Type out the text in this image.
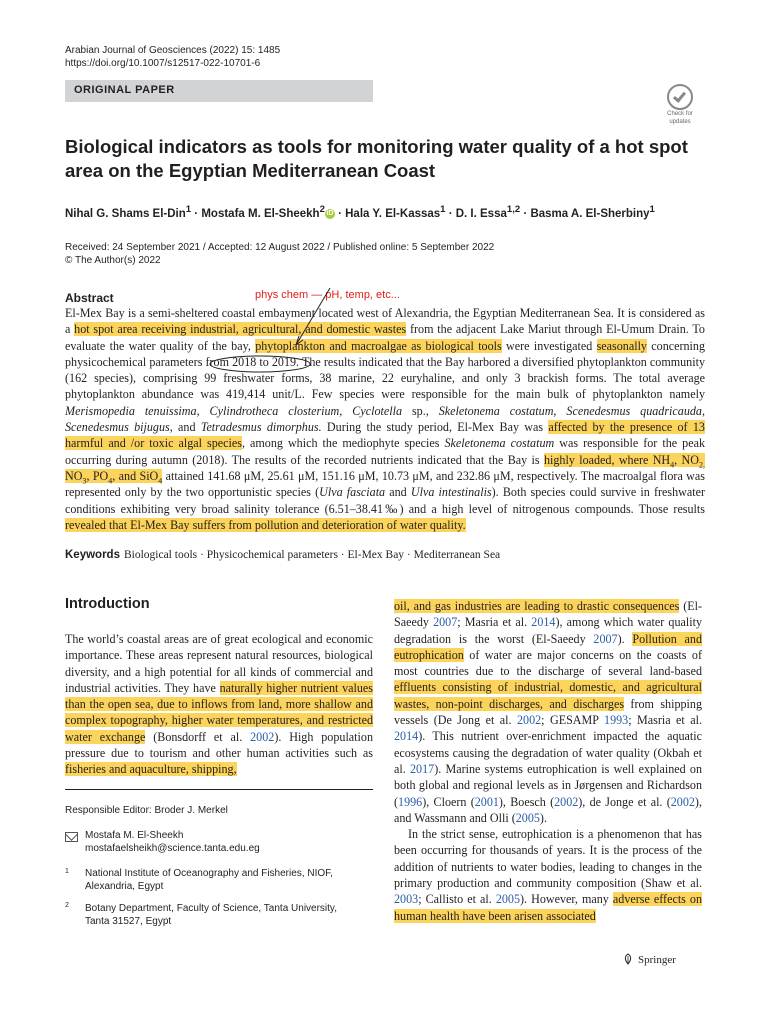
Arabian Journal of Geosciences (2022) 15: 1485
https://doi.org/10.1007/s12517-022-10701-6
ORIGINAL PAPER
Check for
updates
Biological indicators as tools for monitoring water quality of a hot spot area on the Egyptian Mediterranean Coast
Nihal G. Shams El-Din$^1$ · Mostafa M. El-Sheekh$^2$ iD · Hala Y. El-Kassas$^1$ · D. I. Essa$^{1,2}$ · Basma A. El-Sherbiny$^1$
Received: 24 September 2021 / Accepted: 12 August 2022 / Published online: 5 September 2022
© The Author(s) 2022
phys chem — pH, temp, etc...
Abstract
El-Mex Bay is a semi-sheltered coastal embayment located west of Alexandria, the Egyptian Mediterranean Sea. It is considered as a hot spot area receiving industrial, agricultural, and domestic wastes from the adjacent Lake Mariut through El-Umum Drain. To evaluate the water quality of the bay, phytoplankton and macroalgae as biological tools were investigated seasonally concerning physicochemical parameters from 2018 to 2019. The results indicated that the Bay harbored a diversified phytoplankton community (162 species), comprising 99 freshwater forms, 38 marine, 22 euryhaline, and only 3 brackish forms. The total average phytoplankton abundance was 419,414 unit/L. Few species were responsible for the main bulk of phytoplankton namely Merismopedia tenuissima, Cylindrotheca closterium, Cyclotella sp., Skeletonema costatum, Scenedesmus quadricauda, Scenedesmus bijugus, and Tetradesmus dimorphus. During the study period, El-Mex Bay was affected by the presence of 13 harmful and /or toxic algal species, among which the mediophyte species Skeletonema costatum was responsible for the peak occurring during autumn (2018). The results of the recorded nutrients indicated that the Bay is highly loaded, where $NH_4$, $NO_{2,}$ $NO_3$, $PO_4$, and SiO$_4$ attained 141.68 μM, 25.61 μM, 151.16 μM, 10.73 μM, and 232.86 μM, respectively. The macroalgal flora was represented only by the two opportunistic species (Ulva fasciata and Ulva intestinalis). Both species could survive in freshwater conditions exhibiting very broad salinity tolerance (6.51–38.41‰) and a high level of nitrogenous compounds. Those results revealed that El-Mex Bay suffers from pollution and deterioration of water quality.
Keywords Biological tools · Physicochemical parameters · El-Mex Bay · Mediterranean Sea
Introduction
The world’s coastal areas are of great ecological and economic importance. These areas represent natural resources, biological diversity, and a high potential for all kinds of commercial and industrial activities. They have naturally higher nutrient values than the open sea, due to inflows from land, more shallow and complex topography, higher water temperatures, and restricted water exchange (Bonsdorff et al. 2002). High population pressure due to tourism and other human activities such as fisheries and aquaculture, shipping,

oil, and gas industries are leading to drastic consequences (El-Saeedy 2007; Masria et al. 2014), among which water quality degradation is the worst (El-Saeedy 2007). Pollution and eutrophication of water are major concerns on the coasts of most countries due to the discharge of several land-based effluents consisting of industrial, domestic, and agricultural wastes, non-point discharges, and discharges from shipping vessels (De Jong et al. 2002; GESAMP 1993; Masria et al. 2014). This nutrient over-enrichment impacted the aquatic ecosystems causing the degradation of water quality (Okbah et al. 2017). Marine systems eutrophication is well explained on both global and regional levels as in Jørgensen and Richardson (1996), Cloern (2001), Boesch (2002), de Jonge et al. (2002), and Wassmann and Olli (2005).

In the strict sense, eutrophication is a phenomenon that has been occurring for thousands of years. It is the process of the addition of nutrients to water bodies, leading to changes in the primary production and community composition (Shaw et al. 2003; Callisto et al. 2005). However, many adverse effects on human health have been arisen associated

Responsible Editor: Broder J. Merkel
Mostafa M. El-Sheekh
mostafaelsheikh@science.tanta.edu.eg
1 National Institute of Oceanography and Fisheries, NIOF, Alexandria, Egypt
2 Botany Department, Faculty of Science, Tanta University, Tanta 31527, Egypt
Springer
